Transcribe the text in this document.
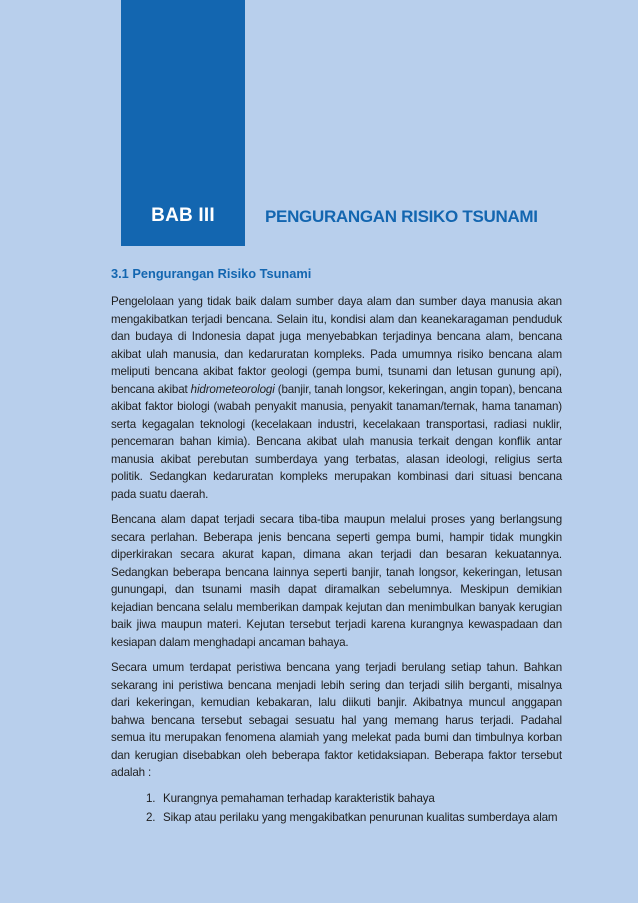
BAB III	PENGURANGAN RISIKO TSUNAMI
3.1 Pengurangan Risiko Tsunami

Pengelolaan yang tidak baik dalam sumber daya alam dan sumber daya manusia akan mengakibatkan terjadi bencana. Selain itu, kondisi alam dan keanekaragaman penduduk dan budaya di Indonesia dapat juga menyebabkan terjadinya bencana alam, bencana akibat ulah manusia, dan kedaruratan kompleks. Pada umumnya risiko bencana alam meliputi bencana akibat faktor geologi (gempa bumi, tsunami dan letusan gunung api), bencana akibat hidrometeorologi (banjir, tanah longsor, kekeringan, angin topan), bencana akibat faktor biologi (wabah penyakit manusia, penyakit tanaman/ternak, hama tanaman) serta kegagalan teknologi (kecelakaan industri, kecelakaan transportasi, radiasi nuklir, pencemaran bahan kimia). Bencana akibat ulah manusia terkait dengan konflik antar manusia akibat perebutan sumberdaya yang terbatas, alasan ideologi, religius serta politik. Sedangkan kedaruratan kompleks merupakan kombinasi dari situasi bencana pada suatu daerah.

Bencana alam dapat terjadi secara tiba-tiba maupun melalui proses yang berlangsung secara perlahan. Beberapa jenis bencana seperti gempa bumi, hampir tidak mungkin diperkirakan secara akurat kapan, dimana akan terjadi dan besaran kekuatannya. Sedangkan beberapa bencana lainnya seperti banjir, tanah longsor, kekeringan, letusan gunungapi, dan tsunami masih dapat diramalkan sebelumnya. Meskipun demikian kejadian bencana selalu memberikan dampak kejutan dan menimbulkan banyak kerugian baik jiwa maupun materi. Kejutan tersebut terjadi karena kurangnya kewaspadaan dan kesiapan dalam menghadapi ancaman bahaya.

Secara umum terdapat peristiwa bencana yang terjadi berulang setiap tahun. Bahkan sekarang ini peristiwa bencana menjadi lebih sering dan terjadi silih berganti, misalnya dari kekeringan, kemudian kebakaran, lalu diikuti banjir. Akibatnya muncul anggapan bahwa bencana tersebut sebagai sesuatu hal yang memang harus terjadi. Padahal semua itu merupakan fenomena alamiah yang melekat pada bumi dan timbulnya korban dan kerugian disebabkan oleh beberapa faktor ketidaksiapan. Beberapa faktor tersebut adalah :

1. Kurangnya pemahaman terhadap karakteristik bahaya
2. Sikap atau perilaku yang mengakibatkan penurunan kualitas sumberdaya alam
